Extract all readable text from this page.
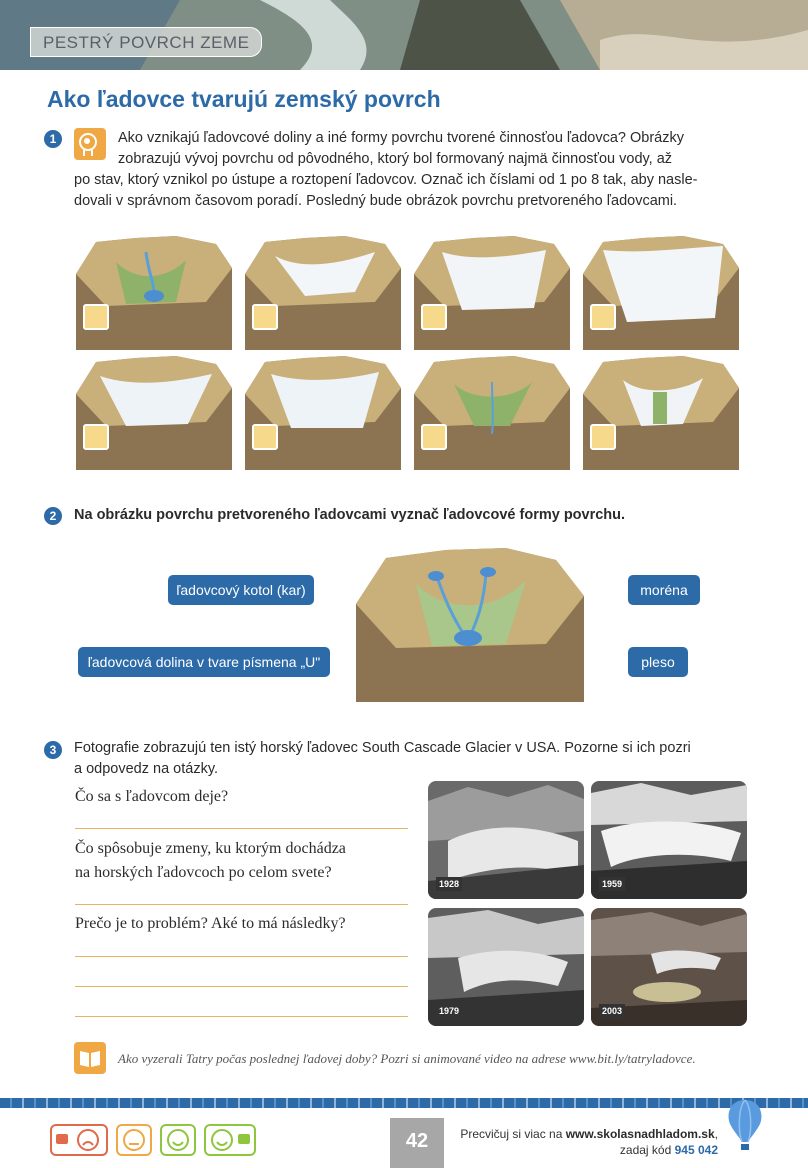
PESTRÝ POVRCH ZEME
Ako ľadovce tvarujú zemský povrch
1	Ako vznikajú ľadovcové doliny a iné formy povrchu tvorené činnosťou ľadovca? Obrázky
zobrazujú vývoj povrchu od pôvodného, ktorý bol formovaný najmä činnosťou vody, až
po stav, ktorý vznikol po ústupe a roztopení ľadovcov. Označ ich číslami od 1 po 8 tak, aby nasle-
dovali v správnom časovom poradí. Posledný bude obrázok povrchu pretvoreného ľadovcami.
2	Na obrázku povrchu pretvoreného ľadovcami vyznač ľadovcové formy povrchu.
ľadovcový kotol (kar)
ľadovcová dolina v tvare písmena „U"
moréna
pleso
3	Fotografie zobrazujú ten istý horský ľadovec South Cascade Glacier v USA. Pozorne si ich pozri
a odpovedz na otázky.
Čo sa s ľadovcom deje?
Čo spôsobuje zmeny, ku ktorým dochádza
na horských ľadovcoch po celom svete?
Prečo je to problém? Aké to má následky?
1928	1959
1979	2003
Ako vyzerali Tatry počas poslednej ľadovej doby? Pozri si animované video na adrese www.bit.ly/tatryladovce.
42	Precvičuj si viac na www.skolasnadhladom.sk,
zadaj kód 945 042
